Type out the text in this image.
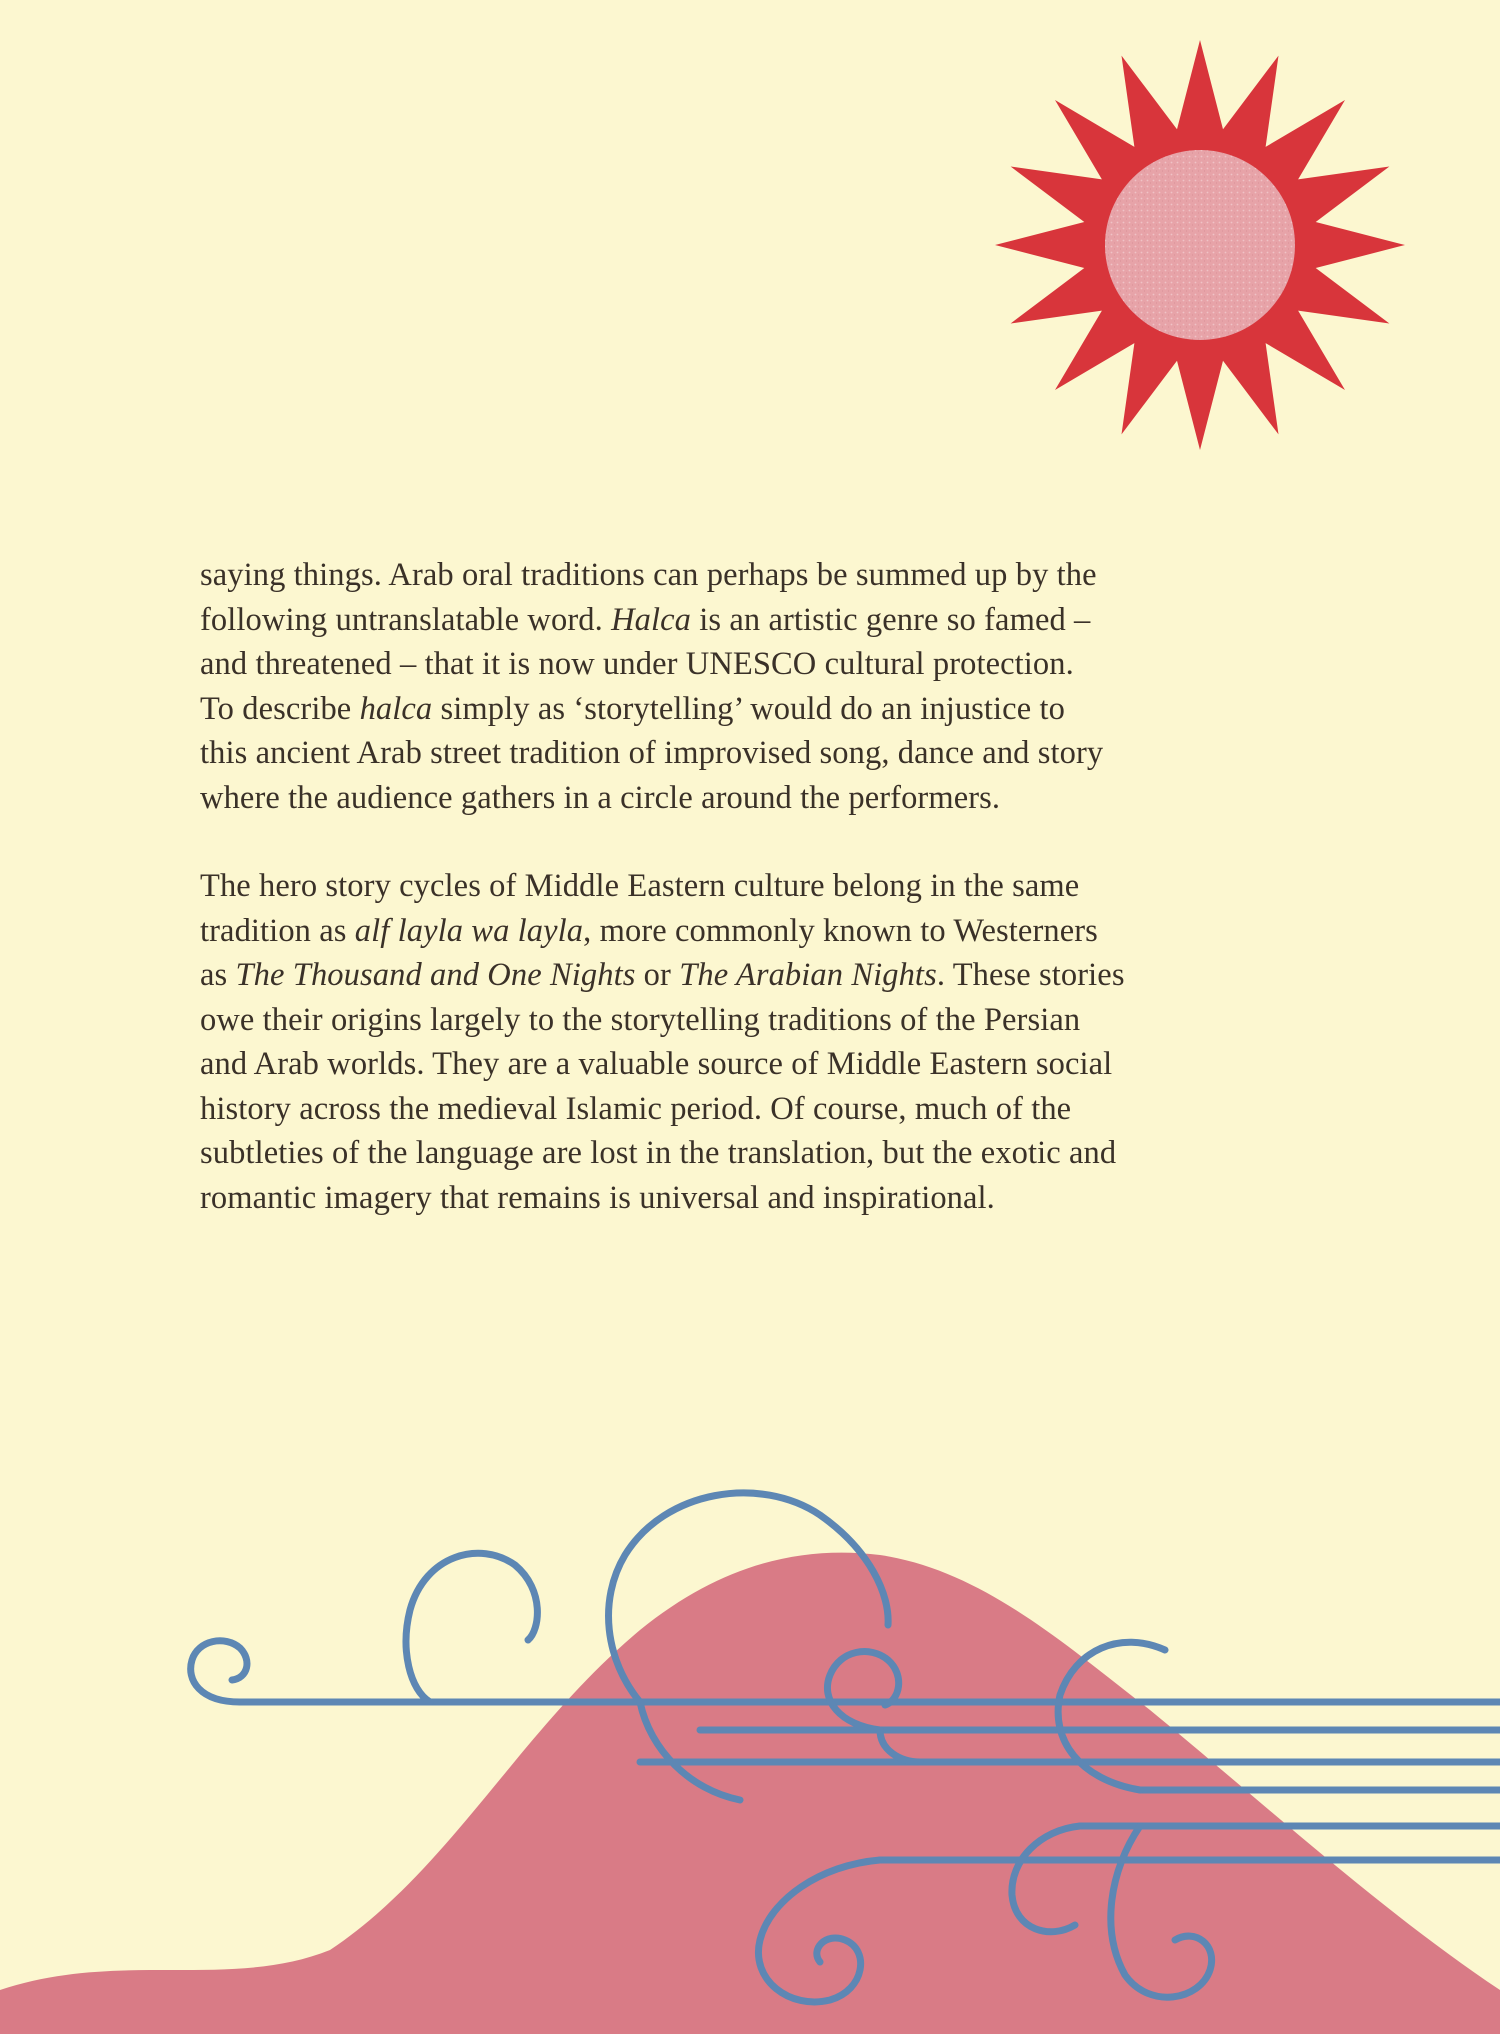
saying things. Arab oral traditions can perhaps be summed up by the
following untranslatable word. Halca is an artistic genre so famed –
and threatened – that it is now under UNESCO cultural protection.
To describe halca simply as ‘storytelling’ would do an injustice to
this ancient Arab street tradition of improvised song, dance and story
where the audience gathers in a circle around the performers.

The hero story cycles of Middle Eastern culture belong in the same
tradition as alf layla wa layla, more commonly known to Westerners
as The Thousand and One Nights or The Arabian Nights. These stories
owe their origins largely to the storytelling traditions of the Persian
and Arab worlds. They are a valuable source of Middle Eastern social
history across the medieval Islamic period. Of course, much of the
subtleties of the language are lost in the translation, but the exotic and
romantic imagery that remains is universal and inspirational.
